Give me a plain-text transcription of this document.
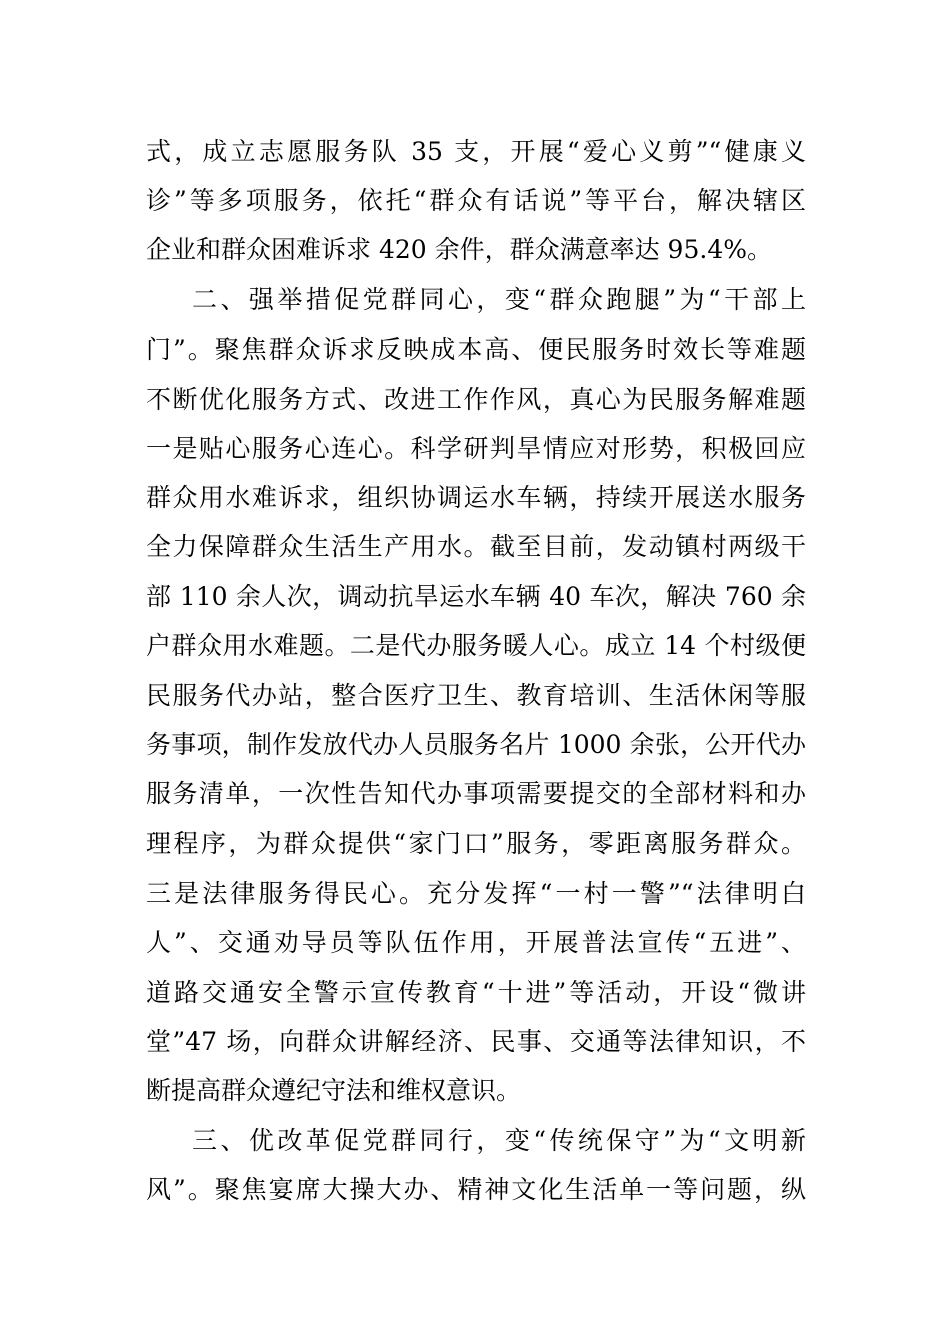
式，成立志愿服务队 35 支，开展“爱心义剪”“健康义
诊”等多项服务，依托“群众有话说”等平台，解决辖区
企业和群众困难诉求 420 余件，群众满意率达 95.4%。
二、强举措促党群同心，变“群众跑腿”为“干部上
门”。聚焦群众诉求反映成本高、便民服务时效长等难题
不断优化服务方式、改进工作作风，真心为民服务解难题
一是贴心服务心连心。科学研判旱情应对形势，积极回应
群众用水难诉求，组织协调运水车辆，持续开展送水服务
全力保障群众生活生产用水。截至目前，发动镇村两级干
部 110 余人次，调动抗旱运水车辆 40 车次，解决 760 余
户群众用水难题。二是代办服务暖人心。成立 14 个村级便
民服务代办站，整合医疗卫生、教育培训、生活休闲等服
务事项，制作发放代办人员服务名片 1000 余张，公开代办
服务清单，一次性告知代办事项需要提交的全部材料和办
理程序，为群众提供“家门口”服务，零距离服务群众。
三是法律服务得民心。充分发挥“一村一警”“法律明白
人”、交通劝导员等队伍作用，开展普法宣传“五进”、
道路交通安全警示宣传教育“十进”等活动，开设“微讲
堂”47 场，向群众讲解经济、民事、交通等法律知识，不
断提高群众遵纪守法和维权意识。
三、优改革促党群同行，变“传统保守”为“文明新
风”。聚焦宴席大操大办、精神文化生活单一等问题，纵
